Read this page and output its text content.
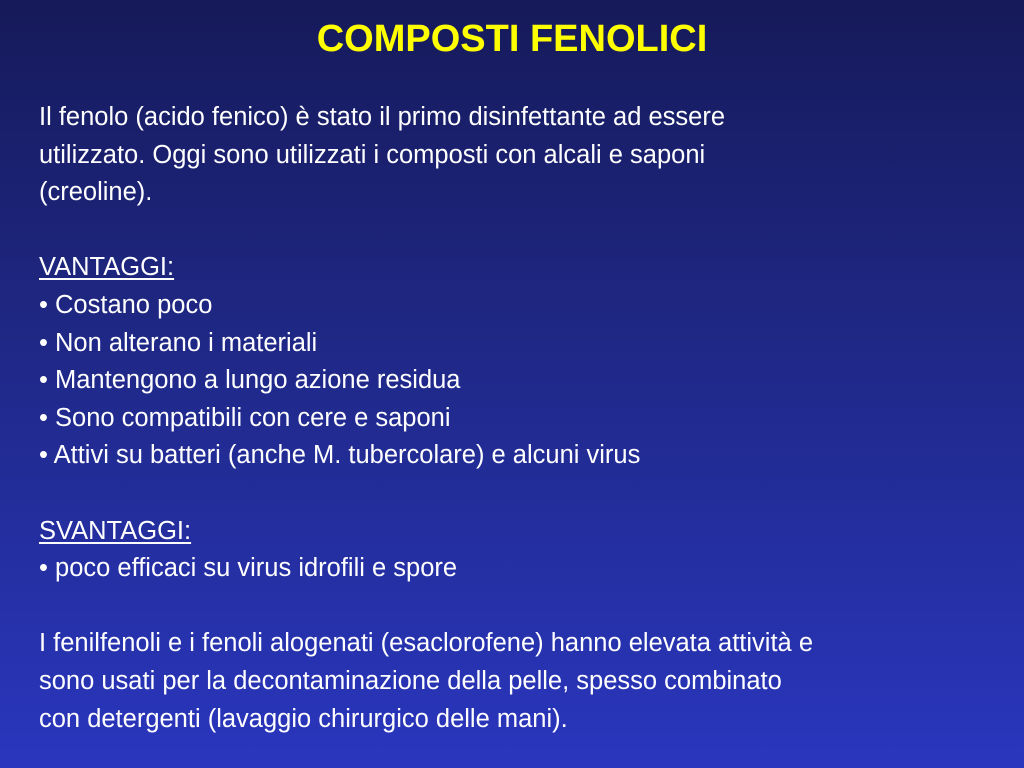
COMPOSTI FENOLICI
Il fenolo (acido fenico) è stato il primo disinfettante ad essere
utilizzato. Oggi sono utilizzati i composti con alcali e saponi
(creoline).
VANTAGGI:
• Costano poco
• Non alterano i materiali
• Mantengono a lungo azione residua
• Sono compatibili con cere e saponi
• Attivi su batteri (anche M. tubercolare) e alcuni virus
SVANTAGGI:
• poco efficaci su virus idrofili e spore
I fenilfenoli e i fenoli alogenati (esaclorofene) hanno elevata attività e
sono usati per la decontaminazione della pelle, spesso combinato
con detergenti (lavaggio chirurgico delle mani).
